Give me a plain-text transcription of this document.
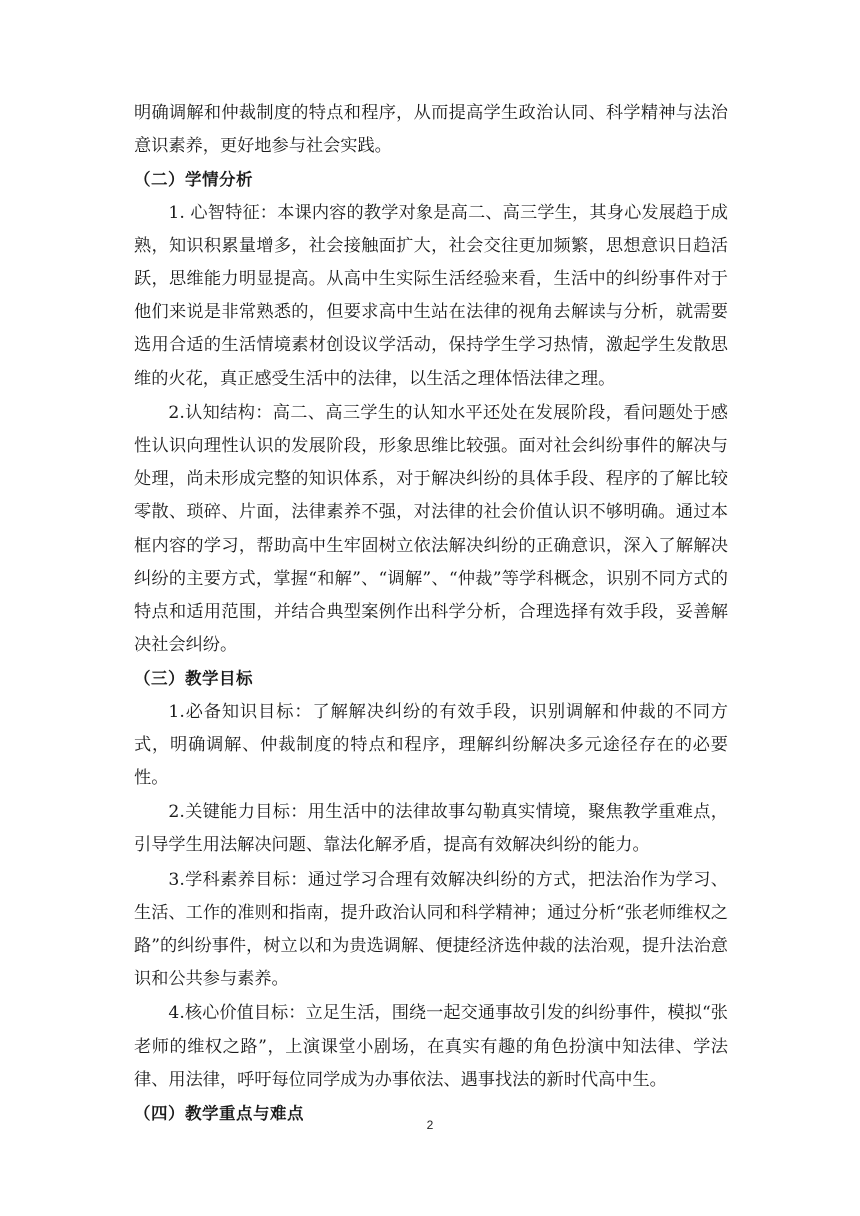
明确调解和仲裁制度的特点和程序，从而提高学生政治认同、科学精神与法治意识素养，更好地参与社会实践。

（二）学情分析

1. 心智特征：本课内容的教学对象是高二、高三学生，其身心发展趋于成熟，知识积累量增多，社会接触面扩大，社会交往更加频繁，思想意识日趋活跃，思维能力明显提高。从高中生实际生活经验来看，生活中的纠纷事件对于他们来说是非常熟悉的，但要求高中生站在法律的视角去解读与分析，就需要选用合适的生活情境素材创设议学活动，保持学生学习热情，激起学生发散思维的火花，真正感受生活中的法律，以生活之理体悟法律之理。

2.认知结构：高二、高三学生的认知水平还处在发展阶段，看问题处于感性认识向理性认识的发展阶段，形象思维比较强。面对社会纠纷事件的解决与处理，尚未形成完整的知识体系，对于解决纠纷的具体手段、程序的了解比较零散、琐碎、片面，法律素养不强，对法律的社会价值认识不够明确。通过本框内容的学习，帮助高中生牢固树立依法解决纠纷的正确意识，深入了解解决纠纷的主要方式，掌握“和解”、“调解”、“仲裁”等学科概念，识别不同方式的特点和适用范围，并结合典型案例作出科学分析，合理选择有效手段，妥善解决社会纠纷。

（三）教学目标

1.必备知识目标：了解解决纠纷的有效手段，识别调解和仲裁的不同方式，明确调解、仲裁制度的特点和程序，理解纠纷解决多元途径存在的必要性。

2.关键能力目标：用生活中的法律故事勾勒真实情境，聚焦教学重难点，引导学生用法解决问题、靠法化解矛盾，提高有效解决纠纷的能力。

3.学科素养目标：通过学习合理有效解决纠纷的方式，把法治作为学习、生活、工作的准则和指南，提升政治认同和科学精神；通过分析“张老师维权之路”的纠纷事件，树立以和为贵选调解、便捷经济选仲裁的法治观，提升法治意识和公共参与素养。

4.核心价值目标：立足生活，围绕一起交通事故引发的纠纷事件，模拟“张老师的维权之路”，上演课堂小剧场，在真实有趣的角色扮演中知法律、学法律、用法律，呼吁每位同学成为办事依法、遇事找法的新时代高中生。

（四）教学重点与难点

2
